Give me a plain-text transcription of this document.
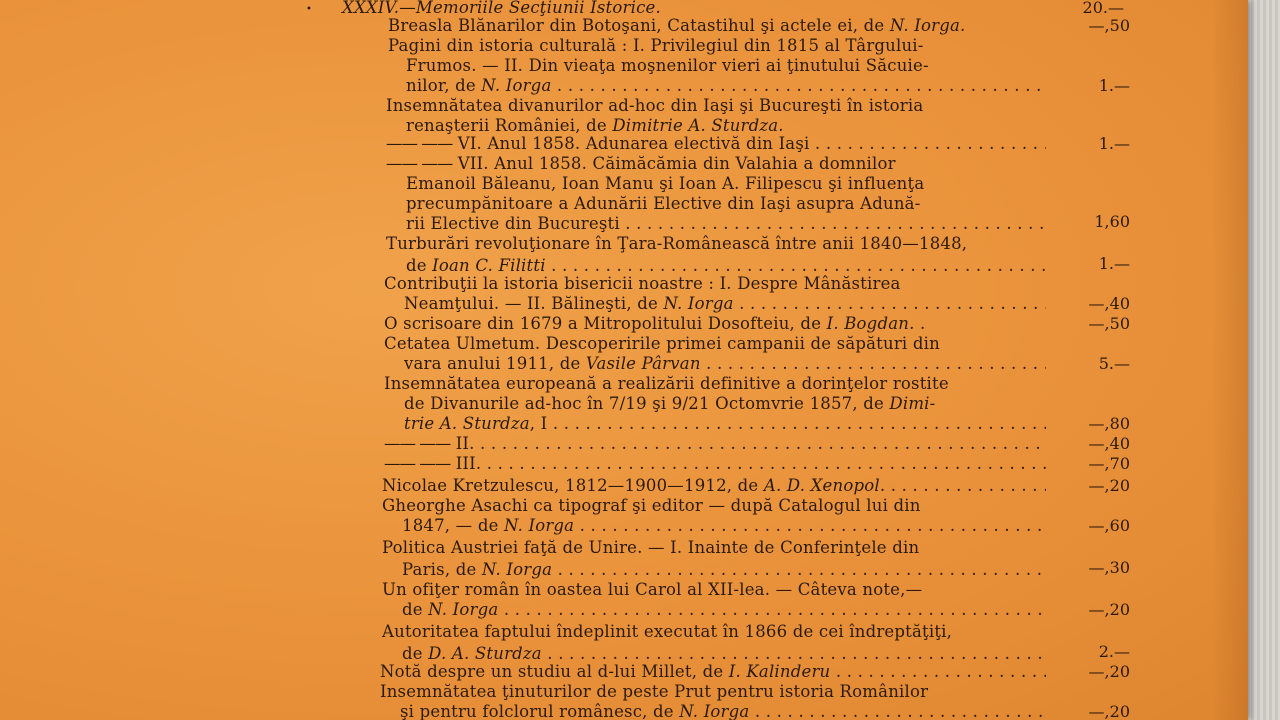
• XXXIV.—Memoriile Secţiunii Istorice.	20.—
Breasla Blănarilor din Botoşani, Catastihul şi actele ei, de N. Iorga.	—,50
Pagini din istoria culturală : I. Privilegiul din 1815 al Târgului-
Frumos. — II. Din vieaţa moşnenilor vieri ai ţinutului Săcuie-
nilor, de N. Iorga . . .	1.—
Insemnătatea divanurilor ad-hoc din Iaşi şi Bucureşti în istoria
renaşterii României, de Dimitrie A. Sturdza.
—— —— VI. Anul 1858. Adunarea electivă din Iaşi . . .	1.—
—— —— VII. Anul 1858. Căimăcămia din Valahia a domnilor
Emanoil Băleanu, Ioan Manu şi Ioan A. Filipescu şi influenţa
precumpănitoare a Adunării Elective din Iaşi asupra Adună-
rii Elective din Bucureşti . . .	1,60
Turburări revoluţionare în Ţara-Românească între anii 1840—1848,
de Ioan C. Filitti . . .	1.—
Contribuţii la istoria bisericii noastre : I. Despre Mânăstirea
Neamţului. — II. Bălineşti, de N. Iorga . . .	—,40
O scrisoare din 1679 a Mitropolitului Dosofteiu, de I. Bogdan. .	—,50
Cetatea Ulmetum. Descoperirile primei campanii de săpături din
vara anului 1911, de Vasile Pârvan . . .	5.—
Insemnătatea europeană a realizării definitive a dorinţelor rostite
de Divanurile ad-hoc în 7/19 şi 9/21 Octomvrie 1857, de Dimi-
trie A. Sturdza, I . . .	—,80
—— —— II. . . .	—,40
—— —— III. . . .	—,70
Nicolae Kretzulescu, 1812—1900—1912, de A. D. Xenopol. . . .	—,20
Gheorghe Asachi ca tipograf şi editor — după Catalogul lui din
1847, — de N. Iorga . . .	—,60
Politica Austriei faţă de Unire. — I. Inainte de Conferinţele din
Paris, de N. Iorga . . .	—,30
Un ofiţer român în oastea lui Carol al XII-lea. — Câteva note,—
de N. Iorga . . .	—,20
Autoritatea faptului îndeplinit executat în 1866 de cei îndreptăţiţi,
de D. A. Sturdza . . .	2.—
Notă despre un studiu al d-lui Millet, de I. Kalinderu . . .	—,20
Insemnătatea ţinuturilor de peste Prut pentru istoria Românilor
şi pentru folclorul românesc, de N. Iorga . . .	—,20
